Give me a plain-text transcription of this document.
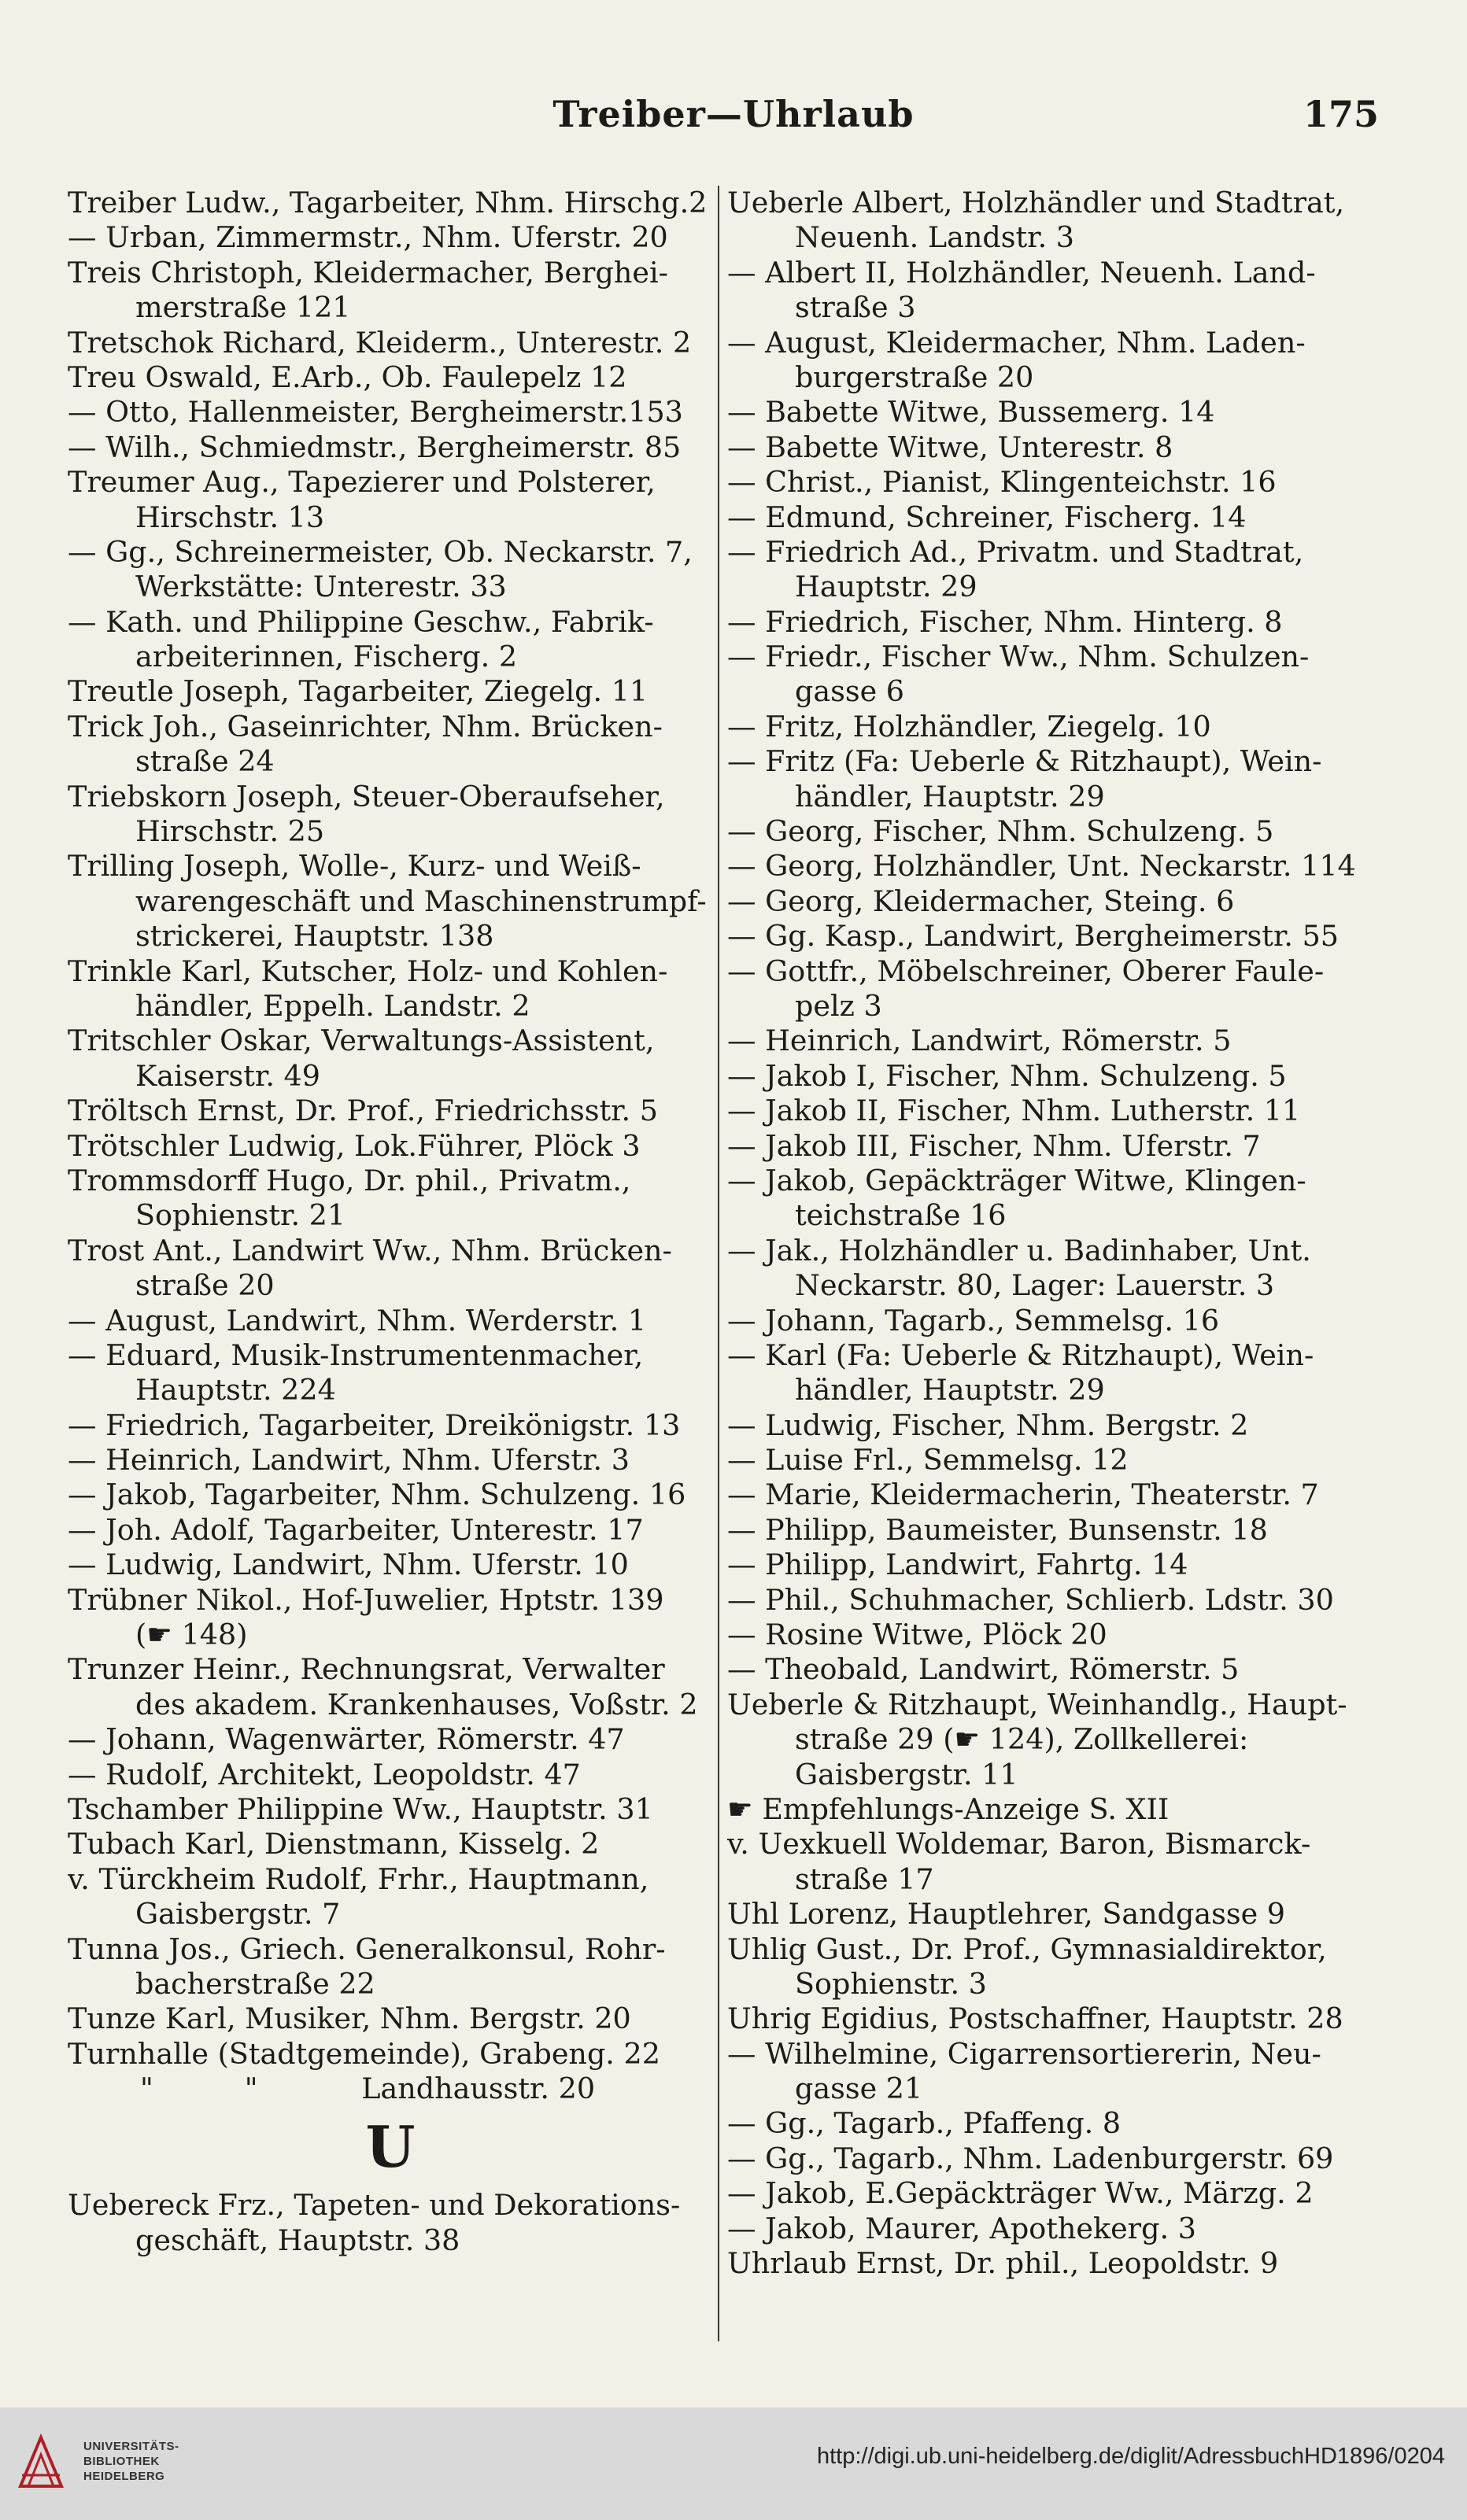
Treiber—Uhrlaub	175
Treiber Ludw., Tagarbeiter, Nhm. Hirschg.2
— Urban, Zimmermstr., Nhm. Uferstr. 20
Treis Christoph, Kleidermacher, Berghei-
merstraße 121
Tretschok Richard, Kleiderm., Unterestr. 2
Treu Oswald, E.Arb., Ob. Faulepelz 12
— Otto, Hallenmeister, Bergheimerstr.153
— Wilh., Schmiedmstr., Bergheimerstr. 85
Treumer Aug., Tapezierer und Polsterer,
Hirschstr. 13
— Gg., Schreinermeister, Ob. Neckarstr. 7,
Werkstätte: Unterestr. 33
— Kath. und Philippine Geschw., Fabrik-
arbeiterinnen, Fischerg. 2
Treutle Joseph, Tagarbeiter, Ziegelg. 11
Trick Joh., Gaseinrichter, Nhm. Brücken-
straße 24
Triebskorn Joseph, Steuer-Oberaufseher,
Hirschstr. 25
Trilling Joseph, Wolle-, Kurz- und Weiß-
warengeschäft und Maschinenstrumpf-
strickerei, Hauptstr. 138
Trinkle Karl, Kutscher, Holz- und Kohlen-
händler, Eppelh. Landstr. 2
Tritschler Oskar, Verwaltungs-Assistent,
Kaiserstr. 49
Tröltsch Ernst, Dr. Prof., Friedrichsstr. 5
Trötschler Ludwig, Lok.Führer, Plöck 3
Trommsdorff Hugo, Dr. phil., Privatm.,
Sophienstr. 21
Trost Ant., Landwirt Ww., Nhm. Brücken-
straße 20
— August, Landwirt, Nhm. Werderstr. 1
— Eduard, Musik-Instrumentenmacher,
Hauptstr. 224
— Friedrich, Tagarbeiter, Dreikönigstr. 13
— Heinrich, Landwirt, Nhm. Uferstr. 3
— Jakob, Tagarbeiter, Nhm. Schulzeng. 16
— Joh. Adolf, Tagarbeiter, Unterestr. 17
— Ludwig, Landwirt, Nhm. Uferstr. 10
Trübner Nikol., Hof-Juwelier, Hptstr. 139
(☛ 148)
Trunzer Heinr., Rechnungsrat, Verwalter
des akadem. Krankenhauses, Voßstr. 2
— Johann, Wagenwärter, Römerstr. 47
— Rudolf, Architekt, Leopoldstr. 47
Tschamber Philippine Ww., Hauptstr. 31
Tubach Karl, Dienstmann, Kisselg. 2
v. Türckheim Rudolf, Frhr., Hauptmann,
Gaisbergstr. 7
Tunna Jos., Griech. Generalkonsul, Rohr-
bacherstraße 22
Tunze Karl, Musiker, Nhm. Bergstr. 20
Turnhalle (Stadtgemeinde), Grabeng. 22
"          "	Landhausstr. 20
U
Uebereck Frz., Tapeten- und Dekorations-
geschäft, Hauptstr. 38
Ueberle Albert, Holzhändler und Stadtrat,
Neuenh. Landstr. 3
— Albert II, Holzhändler, Neuenh. Land-
straße 3
— August, Kleidermacher, Nhm. Laden-
burgerstraße 20
— Babette Witwe, Bussemerg. 14
— Babette Witwe, Unterestr. 8
— Christ., Pianist, Klingenteichstr. 16
— Edmund, Schreiner, Fischerg. 14
— Friedrich Ad., Privatm. und Stadtrat,
Hauptstr. 29
— Friedrich, Fischer, Nhm. Hinterg. 8
— Friedr., Fischer Ww., Nhm. Schulzen-
gasse 6
— Fritz, Holzhändler, Ziegelg. 10
— Fritz (Fa: Ueberle & Ritzhaupt), Wein-
händler, Hauptstr. 29
— Georg, Fischer, Nhm. Schulzeng. 5
— Georg, Holzhändler, Unt. Neckarstr. 114
— Georg, Kleidermacher, Steing. 6
— Gg. Kasp., Landwirt, Bergheimerstr. 55
— Gottfr., Möbelschreiner, Oberer Faule-
pelz 3
— Heinrich, Landwirt, Römerstr. 5
— Jakob I, Fischer, Nhm. Schulzeng. 5
— Jakob II, Fischer, Nhm. Lutherstr. 11
— Jakob III, Fischer, Nhm. Uferstr. 7
— Jakob, Gepäckträger Witwe, Klingen-
teichstraße 16
— Jak., Holzhändler u. Badinhaber, Unt.
Neckarstr. 80, Lager: Lauerstr. 3
— Johann, Tagarb., Semmelsg. 16
— Karl (Fa: Ueberle & Ritzhaupt), Wein-
händler, Hauptstr. 29
— Ludwig, Fischer, Nhm. Bergstr. 2
— Luise Frl., Semmelsg. 12
— Marie, Kleidermacherin, Theaterstr. 7
— Philipp, Baumeister, Bunsenstr. 18
— Philipp, Landwirt, Fahrtg. 14
— Phil., Schuhmacher, Schlierb. Ldstr. 30
— Rosine Witwe, Plöck 20
— Theobald, Landwirt, Römerstr. 5
Ueberle & Ritzhaupt, Weinhandlg., Haupt-
straße 29 (☛ 124), Zollkellerei:
Gaisbergstr. 11
☛ Empfehlungs-Anzeige S. XII
v. Uexkuell Woldemar, Baron, Bismarck-
straße 17
Uhl Lorenz, Hauptlehrer, Sandgasse 9
Uhlig Gust., Dr. Prof., Gymnasialdirektor,
Sophienstr. 3
Uhrig Egidius, Postschaffner, Hauptstr. 28
— Wilhelmine, Cigarrensortiererin, Neu-
gasse 21
— Gg., Tagarb., Pfaffeng. 8
— Gg., Tagarb., Nhm. Ladenburgerstr. 69
— Jakob, E.Gepäckträger Ww., Märzg. 2
— Jakob, Maurer, Apothekerg. 3
Uhrlaub Ernst, Dr. phil., Leopoldstr. 9
UNIVERSITÄTS-
BIBLIOTHEK
HEIDELBERG
http://digi.ub.uni-heidelberg.de/diglit/AdressbuchHD1896/0204
